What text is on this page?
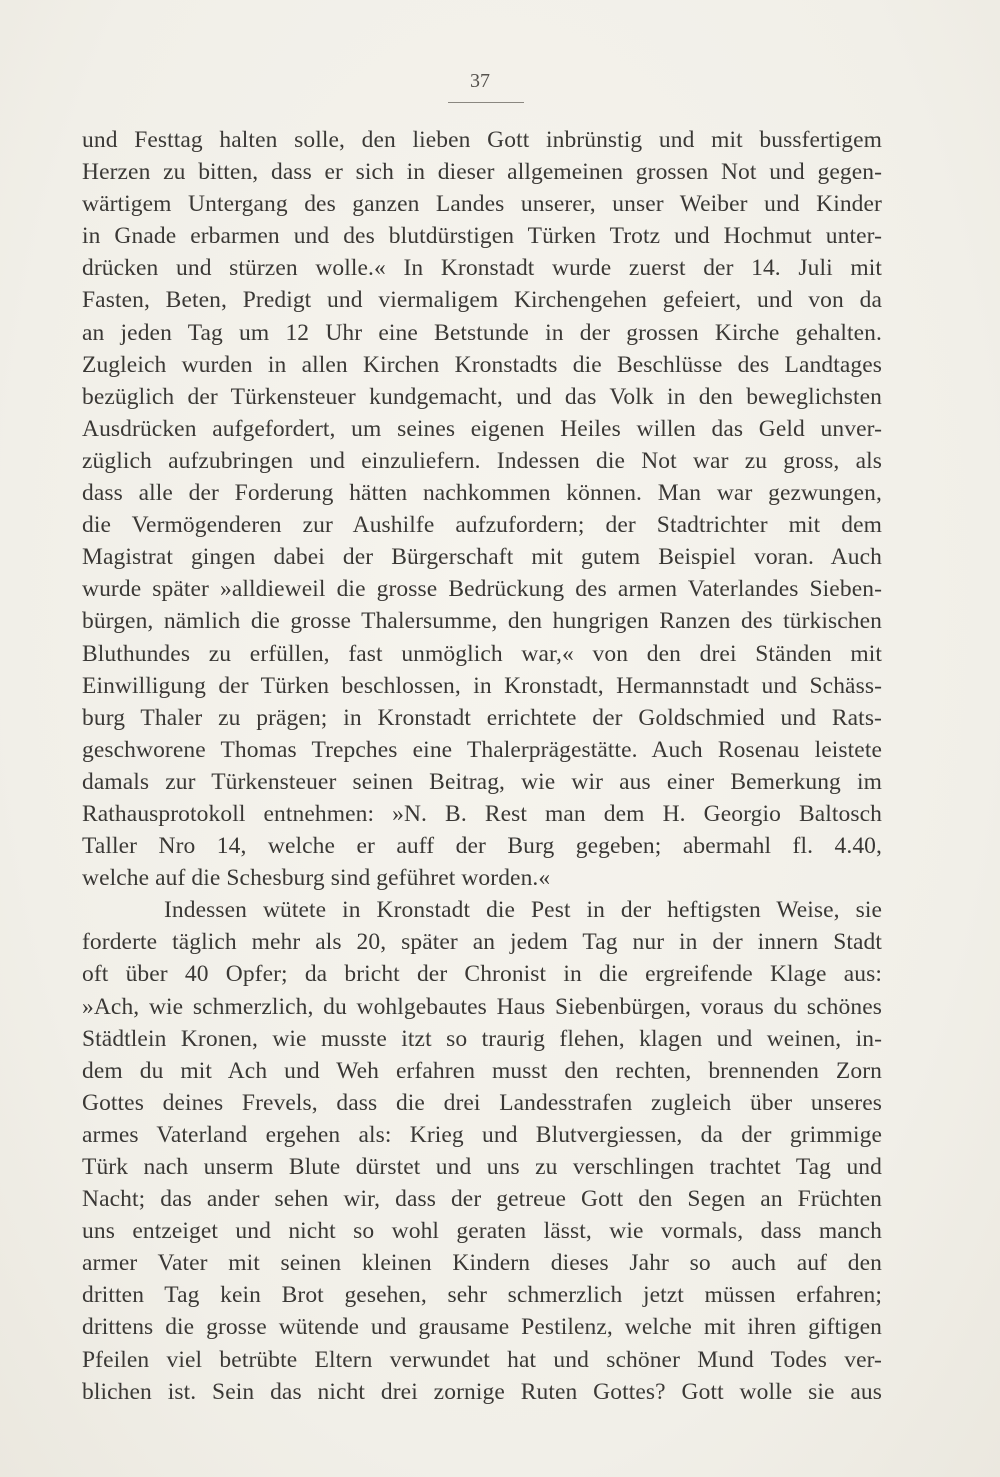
37
und Festtag halten solle, den lieben Gott inbrünstig und mit bussfertigem
Herzen zu bitten, dass er sich in dieser allgemeinen grossen Not und gegen-
wärtigem Untergang des ganzen Landes unserer, unser Weiber und Kinder
in Gnade erbarmen und des blutdürstigen Türken Trotz und Hochmut unter-
drücken und stürzen wolle.« In Kronstadt wurde zuerst der 14. Juli mit
Fasten, Beten, Predigt und viermaligem Kirchengehen gefeiert, und von da
an jeden Tag um 12 Uhr eine Betstunde in der grossen Kirche gehalten.
Zugleich wurden in allen Kirchen Kronstadts die Beschlüsse des Landtages
bezüglich der Türkensteuer kundgemacht, und das Volk in den beweglichsten
Ausdrücken aufgefordert, um seines eigenen Heiles willen das Geld unver-
züglich aufzubringen und einzuliefern. Indessen die Not war zu gross, als
dass alle der Forderung hätten nachkommen können. Man war gezwungen,
die Vermögenderen zur Aushilfe aufzufordern; der Stadtrichter mit dem
Magistrat gingen dabei der Bürgerschaft mit gutem Beispiel voran. Auch
wurde später »alldieweil die grosse Bedrückung des armen Vaterlandes Sieben-
bürgen, nämlich die grosse Thalersumme, den hungrigen Ranzen des türkischen
Bluthundes zu erfüllen, fast unmöglich war,« von den drei Ständen mit
Einwilligung der Türken beschlossen, in Kronstadt, Hermannstadt und Schäss-
burg Thaler zu prägen; in Kronstadt errichtete der Goldschmied und Rats-
geschworene Thomas Trepches eine Thalerprägestätte. Auch Rosenau leistete
damals zur Türkensteuer seinen Beitrag, wie wir aus einer Bemerkung im
Rathausprotokoll entnehmen: »N. B. Rest man dem H. Georgio Baltosch
Taller Nro 14, welche er auff der Burg gegeben; abermahl fl. 4.40,
welche auf die Schesburg sind geführet worden.«
Indessen wütete in Kronstadt die Pest in der heftigsten Weise, sie
forderte täglich mehr als 20, später an jedem Tag nur in der innern Stadt
oft über 40 Opfer; da bricht der Chronist in die ergreifende Klage aus:
»Ach, wie schmerzlich, du wohlgebautes Haus Siebenbürgen, voraus du schönes
Städtlein Kronen, wie musste itzt so traurig flehen, klagen und weinen, in-
dem du mit Ach und Weh erfahren musst den rechten, brennenden Zorn
Gottes deines Frevels, dass die drei Landesstrafen zugleich über unseres
armes Vaterland ergehen als: Krieg und Blutvergiessen, da der grimmige
Türk nach unserm Blute dürstet und uns zu verschlingen trachtet Tag und
Nacht; das ander sehen wir, dass der getreue Gott den Segen an Früchten
uns entzeiget und nicht so wohl geraten lässt, wie vormals, dass manch
armer Vater mit seinen kleinen Kindern dieses Jahr so auch auf den
dritten Tag kein Brot gesehen, sehr schmerzlich jetzt müssen erfahren;
drittens die grosse wütende und grausame Pestilenz, welche mit ihren giftigen
Pfeilen viel betrübte Eltern verwundet hat und schöner Mund Todes ver-
blichen ist. Sein das nicht drei zornige Ruten Gottes? Gott wolle sie aus
